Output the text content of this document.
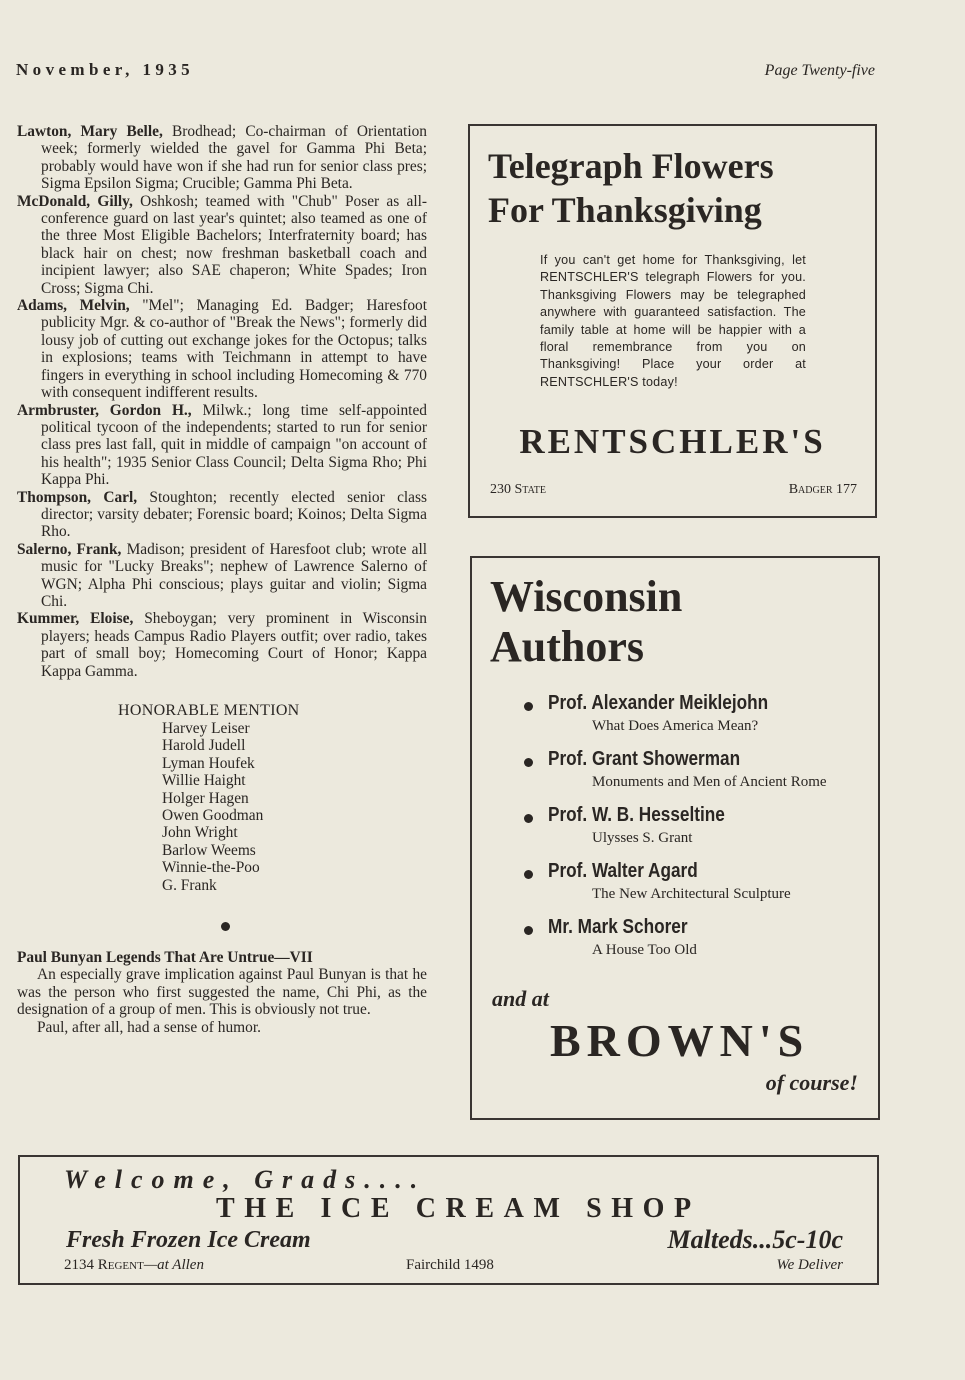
November, 1935	Page Twenty-five
Lawton, Mary Belle, Brodhead; Co-chairman of Orientation week; formerly wielded the gavel for Gamma Phi Beta; probably would have won if she had run for senior class pres; Sigma Epsilon Sigma; Crucible; Gamma Phi Beta.
McDonald, Gilly, Oshkosh; teamed with "Chub" Poser as all-conference guard on last year's quintet; also teamed as one of the three Most Eligible Bachelors; Interfraternity board; has black hair on chest; now freshman basketball coach and incipient lawyer; also SAE chaperon; White Spades; Iron Cross; Sigma Chi.
Adams, Melvin, "Mel"; Managing Ed. Badger; Haresfoot publicity Mgr. & co-author of "Break the News"; formerly did lousy job of cutting out exchange jokes for the Octopus; talks in explosions; teams with Teichmann in attempt to have fingers in everything in school including Homecoming & 770 with consequent indifferent results.
Armbruster, Gordon H., Milwk.; long time self-appointed political tycoon of the independents; started to run for senior class pres last fall, quit in middle of campaign "on account of his health"; 1935 Senior Class Council; Delta Sigma Rho; Phi Kappa Phi.
Thompson, Carl, Stoughton; recently elected senior class director; varsity debater; Forensic board; Koinos; Delta Sigma Rho.
Salerno, Frank, Madison; president of Haresfoot club; wrote all music for "Lucky Breaks"; nephew of Lawrence Salerno of WGN; Alpha Phi conscious; plays guitar and violin; Sigma Chi.
Kummer, Eloise, Sheboygan; very prominent in Wisconsin players; heads Campus Radio Players outfit; over radio, takes part of small boy; Homecoming Court of Honor; Kappa Kappa Gamma.
HONORABLE MENTION
Harvey Leiser
Harold Judell
Lyman Houfek
Willie Haight
Holger Hagen
Owen Goodman
John Wright
Barlow Weems
Winnie-the-Poo
G. Frank
Paul Bunyan Legends That Are Untrue—VII

An especially grave implication against Paul Bunyan is that he was the person who first suggested the name, Chi Phi, as the designation of a group of men. This is obviously not true.

Paul, after all, had a sense of humor.

Telegraph Flowers
For Thanksgiving
If you can't get home for Thanksgiving, let RENTSCHLER'S telegraph Flowers for you. Thanksgiving Flowers may be telegraphed anywhere with guaranteed satisfaction. The family table at home will be happier with a floral remembrance from you on Thanksgiving! Place your order at RENTSCHLER'S today!
RENTSCHLER'S
230 State	Badger 177
Wisconsin
Authors
Prof. Alexander Meiklejohn
What Does America Mean?
Prof. Grant Showerman
Monuments and Men of Ancient Rome
Prof. W. B. Hesseltine
Ulysses S. Grant
Prof. Walter Agard
The New Architectural Sculpture
Mr. Mark Schorer
A House Too Old
and at
BROWN'S
of course!
Welcome, Grads....
THE ICE CREAM SHOP
Fresh Frozen Ice Cream	Malteds...5c-10c
2134 Regent—at Allen	Fairchild 1498	We Deliver
